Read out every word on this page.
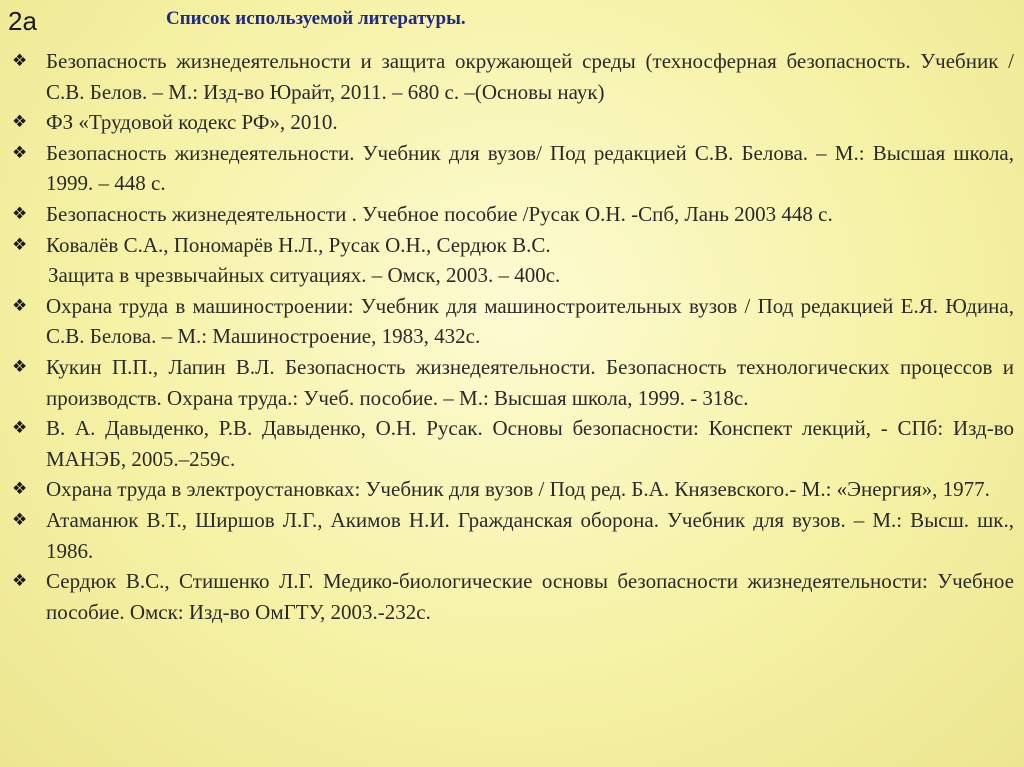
2а	Список используемой литературы.
❖ Безопасность жизнедеятельности и защита окружающей среды (техносферная безопасность. Учебник / С.В. Белов. – М.: Изд-во Юрайт, 2011. – 680 с. –(Основы наук)
❖ ФЗ «Трудовой кодекс РФ», 2010.
❖ Безопасность жизнедеятельности. Учебник для вузов/ Под редакцией С.В. Белова. – М.: Высшая школа, 1999. – 448 с.
❖ Безопасность жизнедеятельности . Учебное пособие /Русак О.Н. -Спб, Лань 2003 448 с.
❖ Ковалёв С.А., Пономарёв Н.Л., Русак О.Н., Сердюк В.С.
Защита в чрезвычайных ситуациях. – Омск, 2003. – 400с.
❖ Охрана труда в машиностроении: Учебник для машиностроительных вузов / Под редакцией Е.Я. Юдина, С.В. Белова. – М.: Машиностроение, 1983, 432с.
❖ Кукин П.П., Лапин В.Л. Безопасность жизнедеятельности. Безопасность технологических процессов и производств. Охрана труда.: Учеб. пособие. – М.: Высшая школа, 1999. - 318с.
❖ В. А. Давыденко, Р.В. Давыденко, О.Н. Русак. Основы безопасности: Конспект лекций, - СПб: Изд-во МАНЭБ, 2005.–259с.
❖ Охрана труда в электроустановках: Учебник для вузов / Под ред. Б.А. Князевского.- М.: «Энергия», 1977.
❖ Атаманюк В.Т., Ширшов Л.Г., Акимов Н.И. Гражданская оборона. Учебник для вузов. – М.: Высш. шк., 1986.
❖ Сердюк В.С., Стишенко Л.Г. Медико-биологические основы безопасности жизнедеятельности: Учебное пособие. Омск: Изд-во ОмГТУ, 2003.-232с.
